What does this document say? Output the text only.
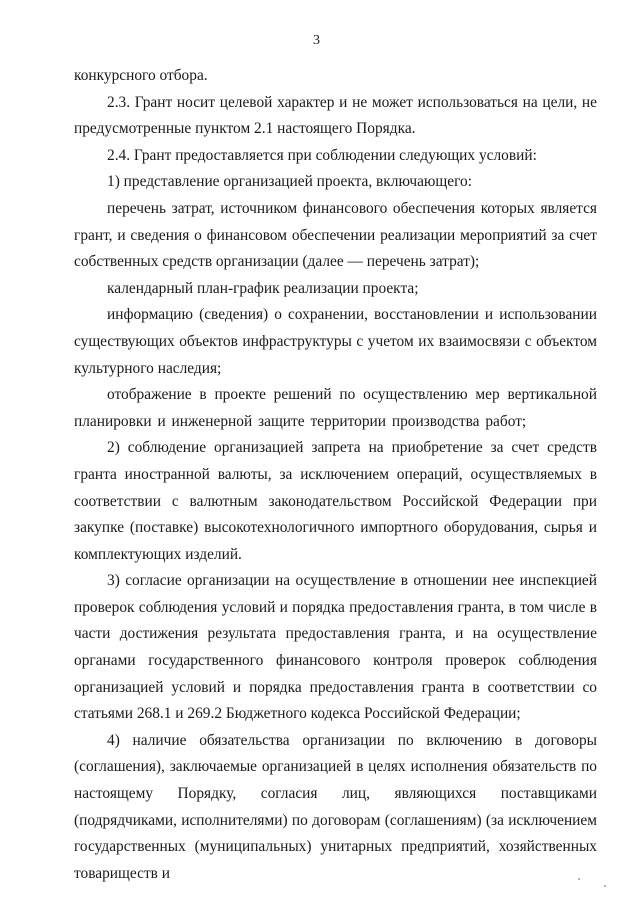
3

конкурсного отбора.

2.3. Грант носит целевой характер и не может использоваться на цели, не предусмотренные пунктом 2.1 настоящего Порядка.

2.4. Грант предоставляется при соблюдении следующих условий:

1) представление организацией проекта, включающего:

перечень затрат, источником финансового обеспечения которых является грант, и сведения о финансовом обеспечении реализации мероприятий за счет собственных средств организации (далее — перечень затрат);

календарный план-график реализации проекта;

информацию (сведения) о сохранении, восстановлении и использовании существующих объектов инфраструктуры с учетом их взаимосвязи с объектом культурного наследия;

отображение в проекте решений по осуществлению мер вертикальной планировки и инженерной защите территории производства работ;

2) соблюдение организацией запрета на приобретение за счет средств гранта иностранной валюты, за исключением операций, осуществляемых в соответствии с валютным законодательством Российской Федерации при закупке (поставке) высокотехнологичного импортного оборудования, сырья и комплектующих изделий.

3) согласие организации на осуществление в отношении нее инспекцией проверок соблюдения условий и порядка предоставления гранта, в том числе в части достижения результата предоставления гранта, и на осуществление органами государственного финансового контроля проверок соблюдения организацией условий и порядка предоставления гранта в соответствии со статьями 268.1 и 269.2 Бюджетного кодекса Российской Федерации;

4) наличие обязательства организации по включению в договоры (соглашения), заключаемые организацией в целях исполнения обязательств по настоящему Порядку, согласия лиц, являющихся поставщиками (подрядчиками, исполнителями) по договорам (соглашениям) (за исключением государственных (муниципальных) унитарных предприятий, хозяйственных товариществ и
